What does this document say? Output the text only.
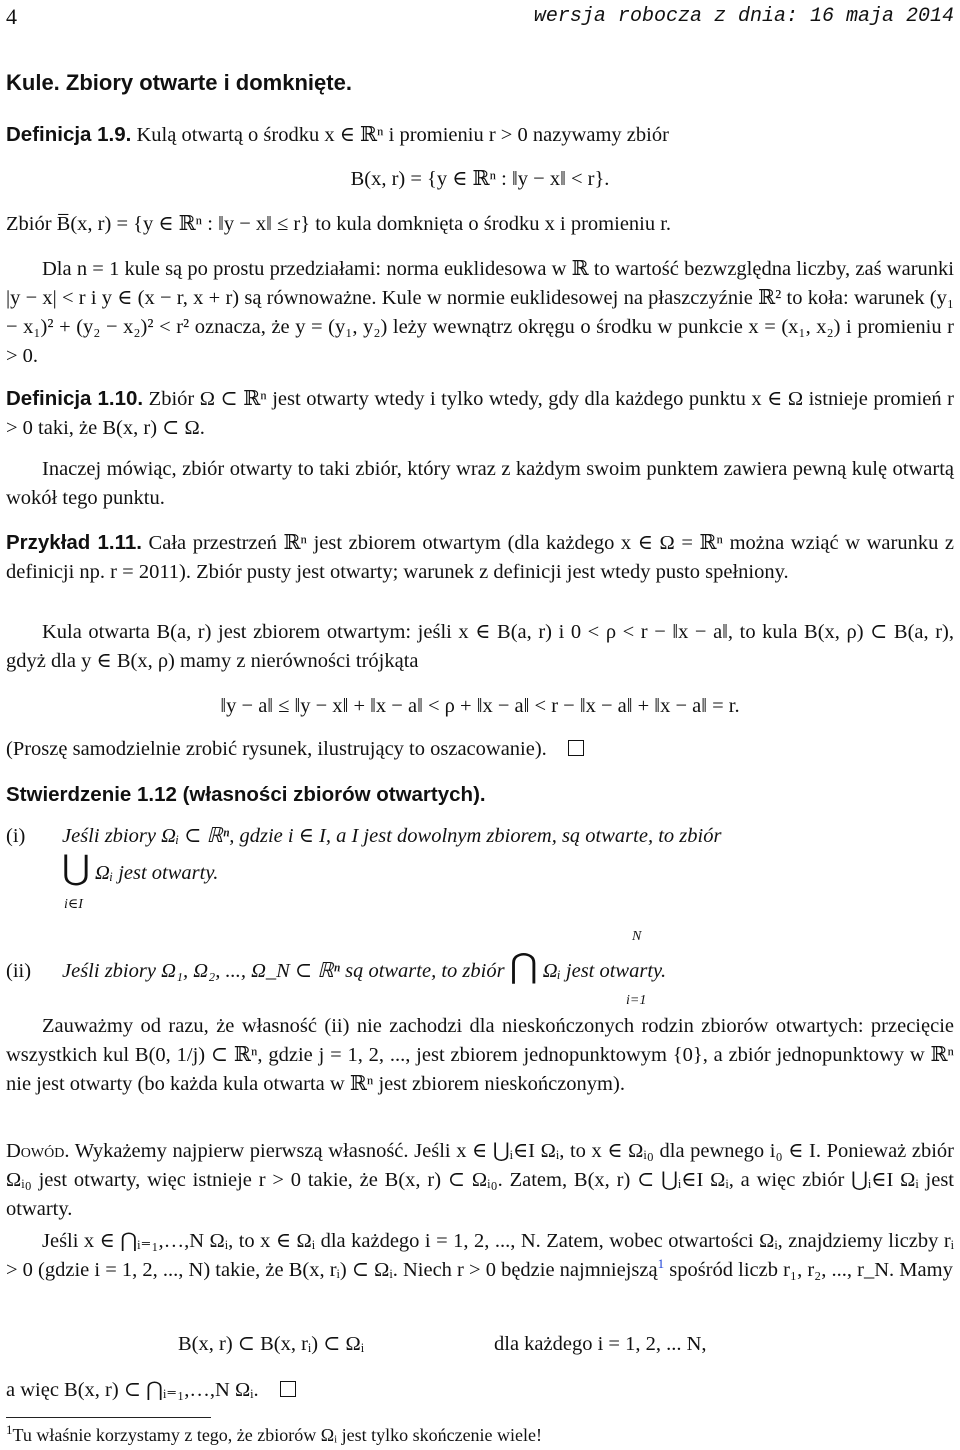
4	wersja robocza z dnia: 16 maja 2014
Kule. Zbiory otwarte i domknięte.
Definicja 1.9. Kulą otwartą o środku x ∈ ℝⁿ i promieniu r > 0 nazywamy zbiór
B(x, r) = {y ∈ ℝⁿ : ‖y − x‖ < r}.
Zbiór B̅(x, r) = {y ∈ ℝⁿ : ‖y − x‖ ≤ r} to kula domknięta o środku x i promieniu r.
Dla n = 1 kule są po prostu przedziałami: norma euklidesowa w ℝ to wartość bezwzględna liczby, zaś warunki |y − x| < r i y ∈ (x − r, x + r) są równoważne. Kule w normie euklidesowej na płaszczyźnie ℝ² to koła: warunek (y₁ − x₁)² + (y₂ − x₂)² < r² oznacza, że y = (y₁, y₂) leży wewnątrz okręgu o środku w punkcie x = (x₁, x₂) i promieniu r > 0.
Definicja 1.10. Zbiór Ω ⊂ ℝⁿ jest otwarty wtedy i tylko wtedy, gdy dla każdego punktu x ∈ Ω istnieje promień r > 0 taki, że B(x, r) ⊂ Ω.
Inaczej mówiąc, zbiór otwarty to taki zbiór, który wraz z każdym swoim punktem zawiera pewną kulę otwartą wokół tego punktu.
Przykład 1.11. Cała przestrzeń ℝⁿ jest zbiorem otwartym (dla każdego x ∈ Ω = ℝⁿ można wziąć w warunku z definicji np. r = 2011). Zbiór pusty jest otwarty; warunek z definicji jest wtedy pusto spełniony.
Kula otwarta B(a, r) jest zbiorem otwartym: jeśli x ∈ B(a, r) i 0 < ρ < r − ‖x − a‖, to kula B(x, ρ) ⊂ B(a, r), gdyż dla y ∈ B(x, ρ) mamy z nierówności trójkąta
‖y − a‖ ≤ ‖y − x‖ + ‖x − a‖ < ρ + ‖x − a‖ < r − ‖x − a‖ + ‖x − a‖ = r.
(Proszę samodzielnie zrobić rysunek, ilustrujący to oszacowanie).
Stwierdzenie 1.12 (własności zbiorów otwartych).
(i) Jeśli zbiory Ωᵢ ⊂ ℝⁿ, gdzie i ∈ I, a I jest dowolnym zbiorem, są otwarte, to zbiór
⋃ Ωᵢ jest otwarty.
i∈I
N
(ii) Jeśli zbiory Ω₁, Ω₂, ..., Ω_N ⊂ ℝⁿ są otwarte, to zbiór ⋂ Ωᵢ jest otwarty.
i=1
Zauważmy od razu, że własność (ii) nie zachodzi dla nieskończonych rodzin zbiorów otwartych: przecięcie wszystkich kul B(0, 1/j) ⊂ ℝⁿ, gdzie j = 1, 2, ..., jest zbiorem jednopunktowym {0}, a zbiór jednopunktowy w ℝⁿ nie jest otwarty (bo każda kula otwarta w ℝⁿ jest zbiorem nieskończonym).
Dowód. Wykażemy najpierw pierwszą własność. Jeśli x ∈ ⋃ᵢ∈I Ωᵢ, to x ∈ Ωᵢ₀ dla pewnego i₀ ∈ I. Ponieważ zbiór Ωᵢ₀ jest otwarty, więc istnieje r > 0 takie, że B(x, r) ⊂ Ωᵢ₀. Zatem, B(x, r) ⊂ ⋃ᵢ∈I Ωᵢ, a więc zbiór ⋃ᵢ∈I Ωᵢ jest otwarty.
Jeśli x ∈ ⋂ᵢ₌₁,…,N Ωᵢ, to x ∈ Ωᵢ dla każdego i = 1, 2, ..., N. Zatem, wobec otwartości Ωᵢ, znajdziemy liczby rᵢ > 0 (gdzie i = 1, 2, ..., N) takie, że B(x, rᵢ) ⊂ Ωᵢ. Niech r > 0 będzie najmniejszą$^1$ spośród liczb r₁, r₂, ..., r_N. Mamy
B(x, r) ⊂ B(x, rᵢ) ⊂ Ωᵢ	dla każdego i = 1, 2, ... N,
a więc B(x, r) ⊂ ⋂ᵢ₌₁,…,N Ωᵢ.
$^1$Tu właśnie korzystamy z tego, że zbiorów Ωᵢ jest tylko skończenie wiele!
